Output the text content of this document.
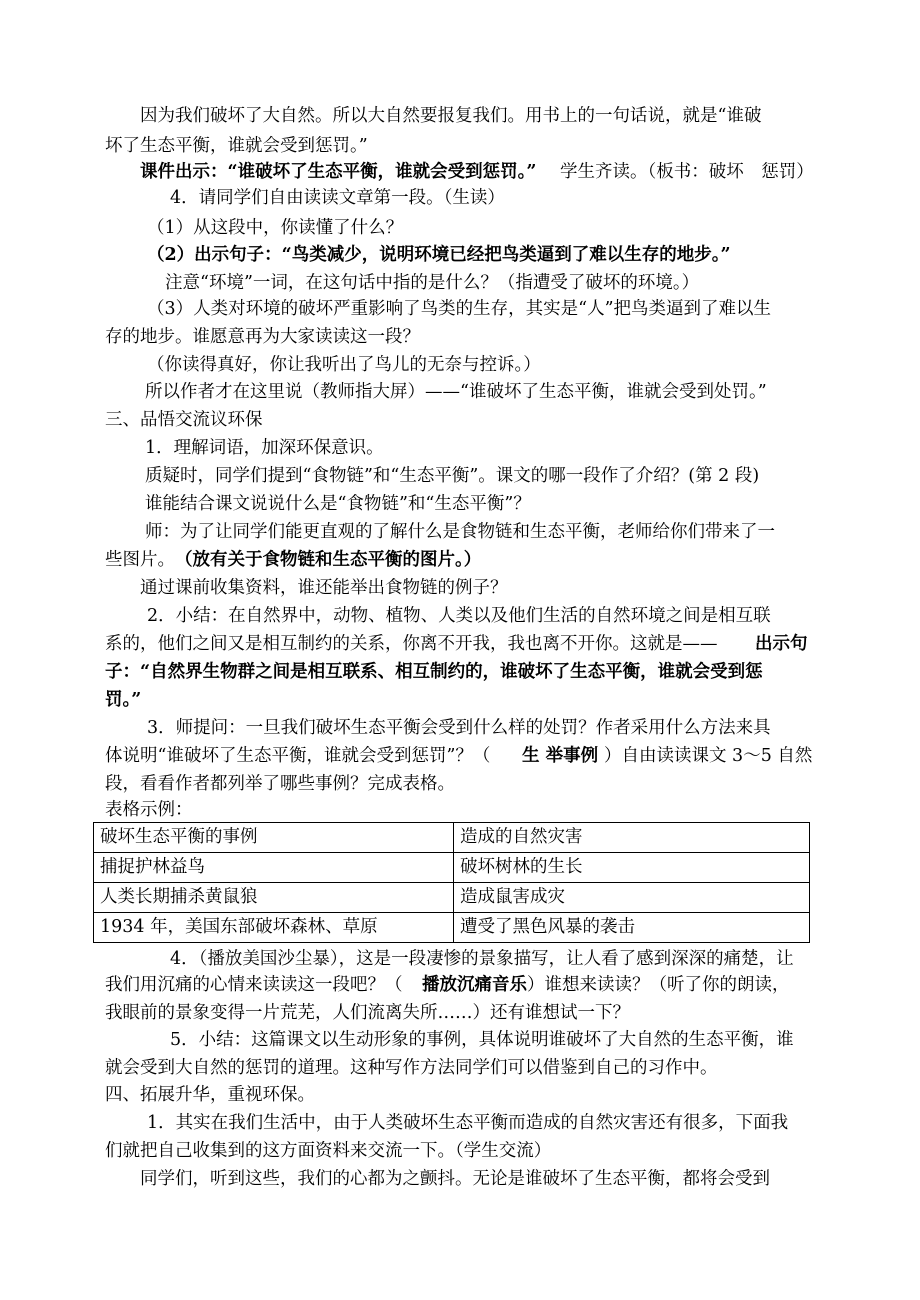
因为我们破坏了大自然。所以大自然要报复我们。用书上的一句话说，就是“谁破
坏了生态平衡，谁就会受到惩罚。”
课件出示：“谁破坏了生态平衡，谁就会受到惩罚。” 学生齐读。（板书：破坏　惩罚）
4．请同学们自由读读文章第一段。（生读）
（1）从这段中，你读懂了什么？
（2）出示句子：“鸟类减少，说明环境已经把鸟类逼到了难以生存的地步。”
注意“环境”一词，在这句话中指的是什么？（指遭受了破坏的环境。）
（3）人类对环境的破坏严重影响了鸟类的生存，其实是“人”把鸟类逼到了难以生
存的地步。谁愿意再为大家读读这一段？
（你读得真好，你让我听出了鸟儿的无奈与控诉。）
所以作者才在这里说（教师指大屏）——“谁破坏了生态平衡，谁就会受到处罚。”
三、品悟交流议环保
1．理解词语，加深环保意识。
质疑时，同学们提到“食物链”和“生态平衡”。课文的哪一段作了介绍？(第 2 段)
谁能结合课文说说什么是“食物链”和“生态平衡”？
师：为了让同学们能更直观的了解什么是食物链和生态平衡，老师给你们带来了一
些图片。 （放有关于食物链和生态平衡的图片。）
通过课前收集资料，谁还能举出食物链的例子？
2．小结：在自然界中，动物、植物、人类以及他们生活的自然环境之间是相互联
系的，他们之间又是相互制约的关系，你离不开我，我也离不开你。这就是—— 出示句
子：“自然界生物群之间是相互联系、相互制约的，谁破坏了生态平衡，谁就会受到惩
罚。”
3．师提问：一旦我们破坏生态平衡会受到什么样的处罚？作者采用什么方法来具
体说明“谁破坏了生态平衡，谁就会受到惩罚”？（ 生 举事例 ）自由读读课文 3～5 自然
段，看看作者都列举了哪些事例？完成表格。
表格示例：
破坏生态平衡的事例	造成的自然灾害
捕捉护林益鸟	破坏树林的生长
人类长期捕杀黄鼠狼	造成鼠害成灾
1934 年，美国东部破坏森林、草原	遭受了黑色风暴的袭击
4．（播放美国沙尘暴），这是一段凄惨的景象描写，让人看了感到深深的痛楚，让
我们用沉痛的心情来读读这一段吧？（ 播放沉痛音乐 ）谁想来读读？（听了你的朗读，
我眼前的景象变得一片荒芜，人们流离失所……）还有谁想试一下？
5．小结：这篇课文以生动形象的事例，具体说明谁破坏了大自然的生态平衡，谁
就会受到大自然的惩罚的道理。这种写作方法同学们可以借鉴到自己的习作中。
四、拓展升华，重视环保。
1．其实在我们生活中，由于人类破坏生态平衡而造成的自然灾害还有很多，下面我
们就把自己收集到的这方面资料来交流一下。（学生交流）
同学们，听到这些，我们的心都为之颤抖。无论是谁破坏了生态平衡，都将会受到
